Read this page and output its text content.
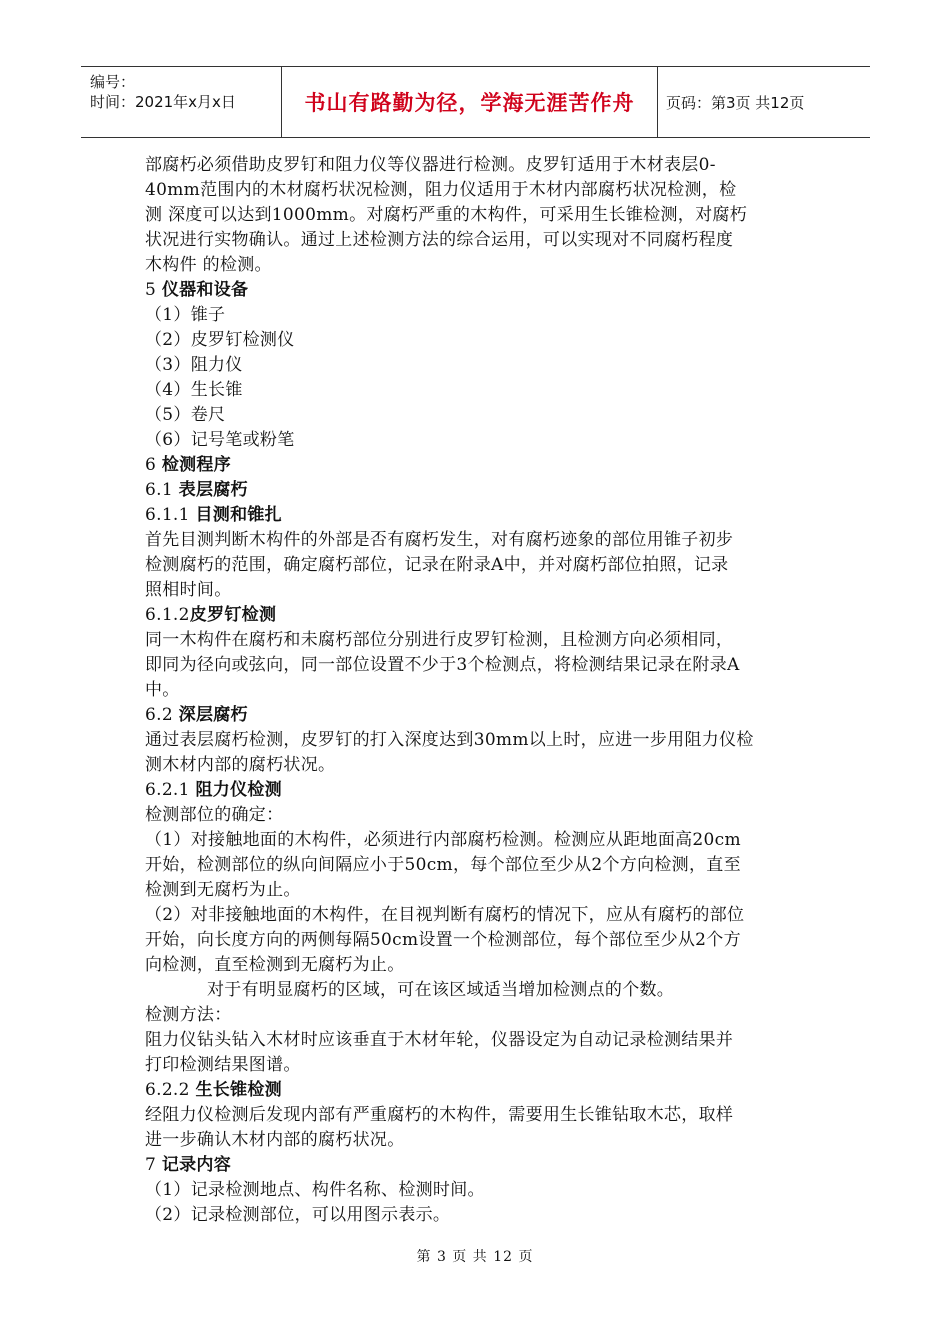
编号：
时间：2021年x月x日	书山有路勤为径，学海无涯苦作舟	页码：第3页 共12页

部腐朽必须借助皮罗钉和阻力仪等仪器进行检测。皮罗钉适用于木材表层0-

40mm范围内的木材腐朽状况检测，阻力仪适用于木材内部腐朽状况检测，检

测 深度可以达到1000mm。对腐朽严重的木构件，可采用生长锥检测，对腐朽

状况进行实物确认。通过上述检测方法的综合运用，可以实现对不同腐朽程度

木构件 的检测。

5 仪器和设备

（1）锥子

（2）皮罗钉检测仪

（3）阻力仪

（4）生长锥

（5）卷尺

（6）记号笔或粉笔

6 检测程序

6.1 表层腐朽

6.1.1 目测和锥扎

首先目测判断木构件的外部是否有腐朽发生，对有腐朽迹象的部位用锥子初步

检测腐朽的范围，确定腐朽部位，记录在附录A中，并对腐朽部位拍照，记录

照相时间。

6.1.2皮罗钉检测

同一木构件在腐朽和未腐朽部位分别进行皮罗钉检测，且检测方向必须相同，

即同为径向或弦向，同一部位设置不少于3个检测点，将检测结果记录在附录A

中。

6.2 深层腐朽

通过表层腐朽检测，皮罗钉的打入深度达到30mm以上时，应进一步用阻力仪检

测木材内部的腐朽状况。

6.2.1 阻力仪检测

检测部位的确定：

（1）对接触地面的木构件，必须进行内部腐朽检测。检测应从距地面高20cm

开始，检测部位的纵向间隔应小于50cm，每个部位至少从2个方向检测，直至

检测到无腐朽为止。

（2）对非接触地面的木构件，在目视判断有腐朽的情况下，应从有腐朽的部位

开始，向长度方向的两侧每隔50cm设置一个检测部位，每个部位至少从2个方

向检测，直至检测到无腐朽为止。

对于有明显腐朽的区域，可在该区域适当增加检测点的个数。

检测方法：

阻力仪钻头钻入木材时应该垂直于木材年轮，仪器设定为自动记录检测结果并

打印检测结果图谱。

6.2.2 生长锥检测

经阻力仪检测后发现内部有严重腐朽的木构件，需要用生长锥钻取木芯，取样

进一步确认木材内部的腐朽状况。

7 记录内容

（1）记录检测地点、构件名称、检测时间。

（2）记录检测部位，可以用图示表示。

第 3 页 共 12 页
